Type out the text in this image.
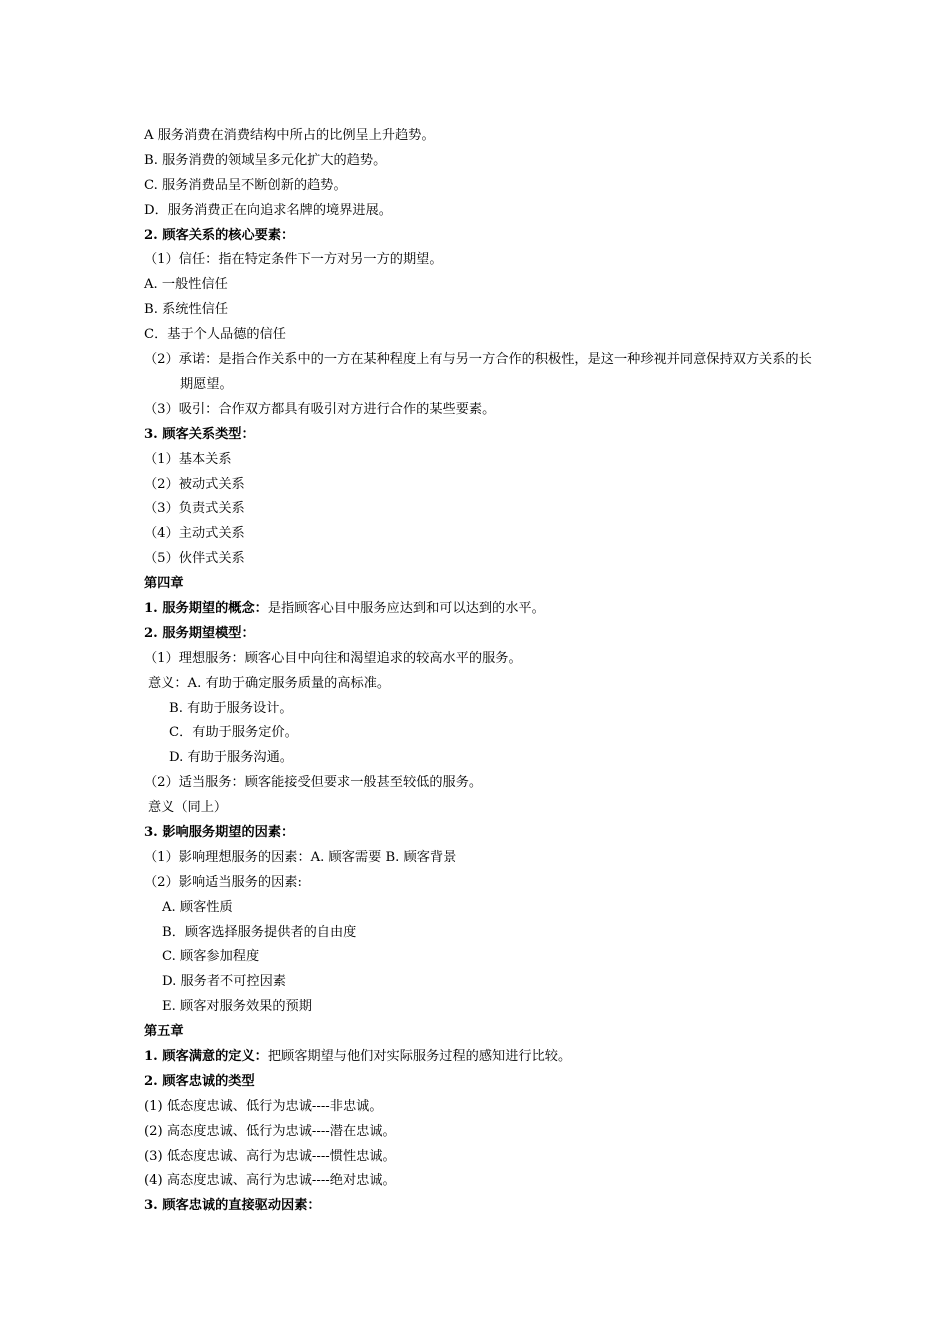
A 服务消费在消费结构中所占的比例呈上升趋势。
B. 服务消费的领域呈多元化扩大的趋势。
C. 服务消费品呈不断创新的趋势。
D．服务消费正在向追求名牌的境界进展。
2. 顾客关系的核心要素：
（1）信任：指在特定条件下一方对另一方的期望。
A. 一般性信任
B. 系统性信任
C．基于个人品德的信任
（2）承诺：是指合作关系中的一方在某种程度上有与另一方合作的积极性，是这一种珍视并同意保持双方关系的长期愿望。
（3）吸引：合作双方都具有吸引对方进行合作的某些要素。
3. 顾客关系类型：
（1）基本关系
（2）被动式关系
（3）负责式关系
（4）主动式关系
（5）伙伴式关系
第四章
1. 服务期望的概念：是指顾客心目中服务应达到和可以达到的水平。
2. 服务期望模型：
（1）理想服务：顾客心目中向往和渴望追求的较高水平的服务。
意义：A. 有助于确定服务质量的高标准。
B. 有助于服务设计。
C．有助于服务定价。
D. 有助于服务沟通。
（2）适当服务：顾客能接受但要求一般甚至较低的服务。
意义（同上）
3. 影响服务期望的因素：
（1）影响理想服务的因素：A. 顾客需要 B. 顾客背景
（2）影响适当服务的因素:
A. 顾客性质
B．顾客选择服务提供者的自由度
C. 顾客参加程度
D. 服务者不可控因素
E. 顾客对服务效果的预期
第五章
1. 顾客满意的定义：把顾客期望与他们对实际服务过程的感知进行比较。
2. 顾客忠诚的类型
(1) 低态度忠诚、低行为忠诚----非忠诚。
(2) 高态度忠诚、低行为忠诚----潜在忠诚。
(3) 低态度忠诚、高行为忠诚----惯性忠诚。
(4) 高态度忠诚、高行为忠诚----绝对忠诚。
3. 顾客忠诚的直接驱动因素：
